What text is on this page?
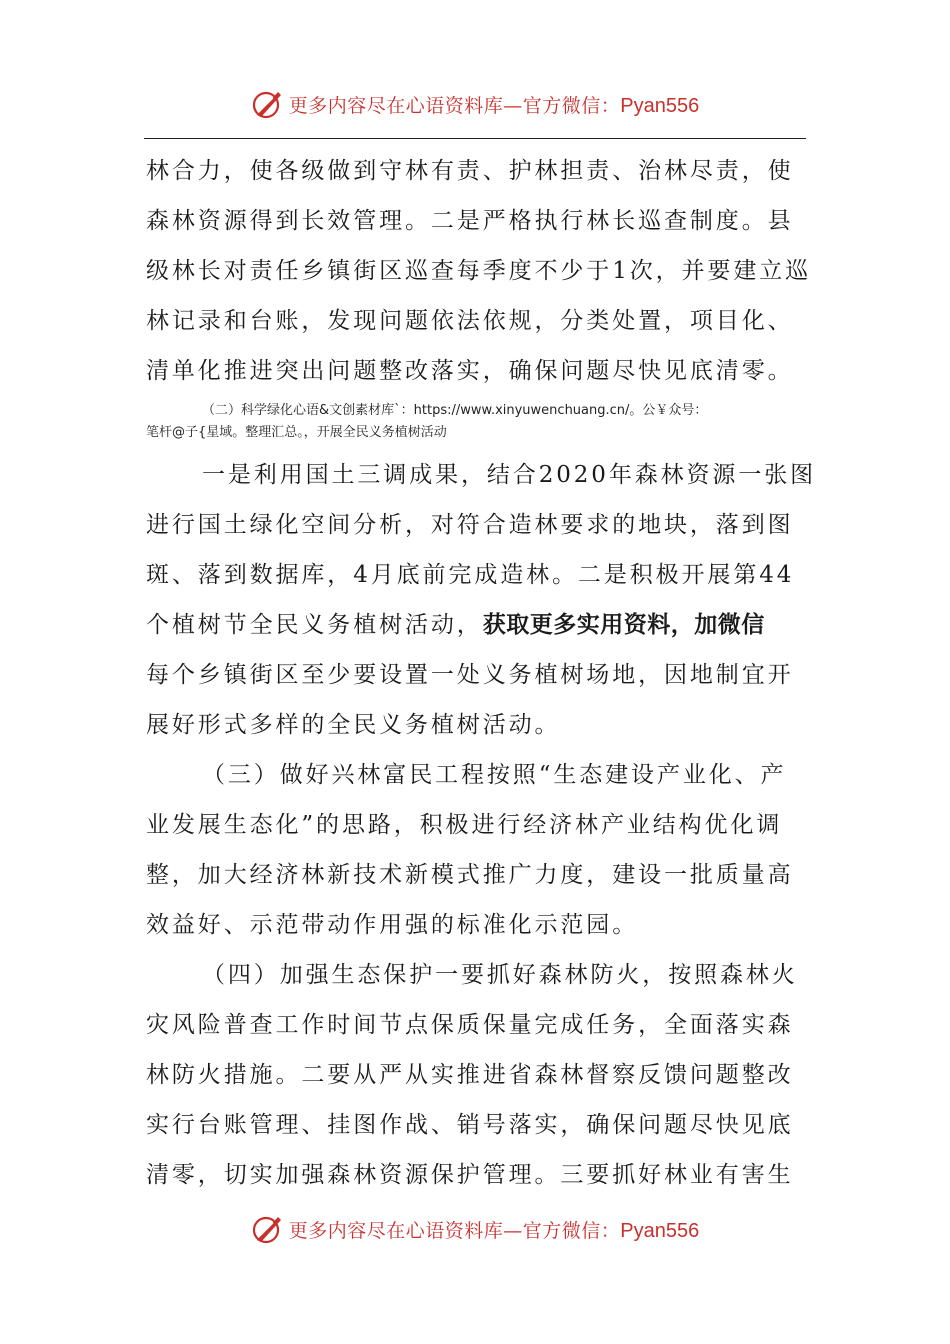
更多内容尽在心语资料库—官方微信：Pyan556

林合力，使各级做到守林有责、护林担责、治林尽责，使
森林资源得到长效管理。二是严格执行林长巡查制度。县
级林长对责任乡镇街区巡查每季度不少于1次，并要建立巡
林记录和台账，发现问题依法依规，分类处置，项目化、
清单化推进突出问题整改落实，确保问题尽快见底清零。

（二）科学绿化心语&文创素材库`：https://www.xinyuwenchuang.cn/。公￥众号：
笔杆@子{星域。整理汇总。，开展全民义务植树活动

一是利用国土三调成果，结合2020年森林资源一张图
进行国土绿化空间分析，对符合造林要求的地块，落到图
斑、落到数据库，4月底前完成造林。二是积极开展第44
个植树节全民义务植树活动，获取更多实用资料，加微信
每个乡镇街区至少要设置一处义务植树场地，因地制宜开
展好形式多样的全民义务植树活动。

（三）做好兴林富民工程按照“生态建设产业化、产
业发展生态化”的思路，积极进行经济林产业结构优化调
整，加大经济林新技术新模式推广力度，建设一批质量高
效益好、示范带动作用强的标准化示范园。

（四）加强生态保护一要抓好森林防火，按照森林火
灾风险普查工作时间节点保质保量完成任务，全面落实森
林防火措施。二要从严从实推进省森林督察反馈问题整改
实行台账管理、挂图作战、销号落实，确保问题尽快见底
清零，切实加强森林资源保护管理。三要抓好林业有害生

更多内容尽在心语资料库—官方微信：Pyan556
